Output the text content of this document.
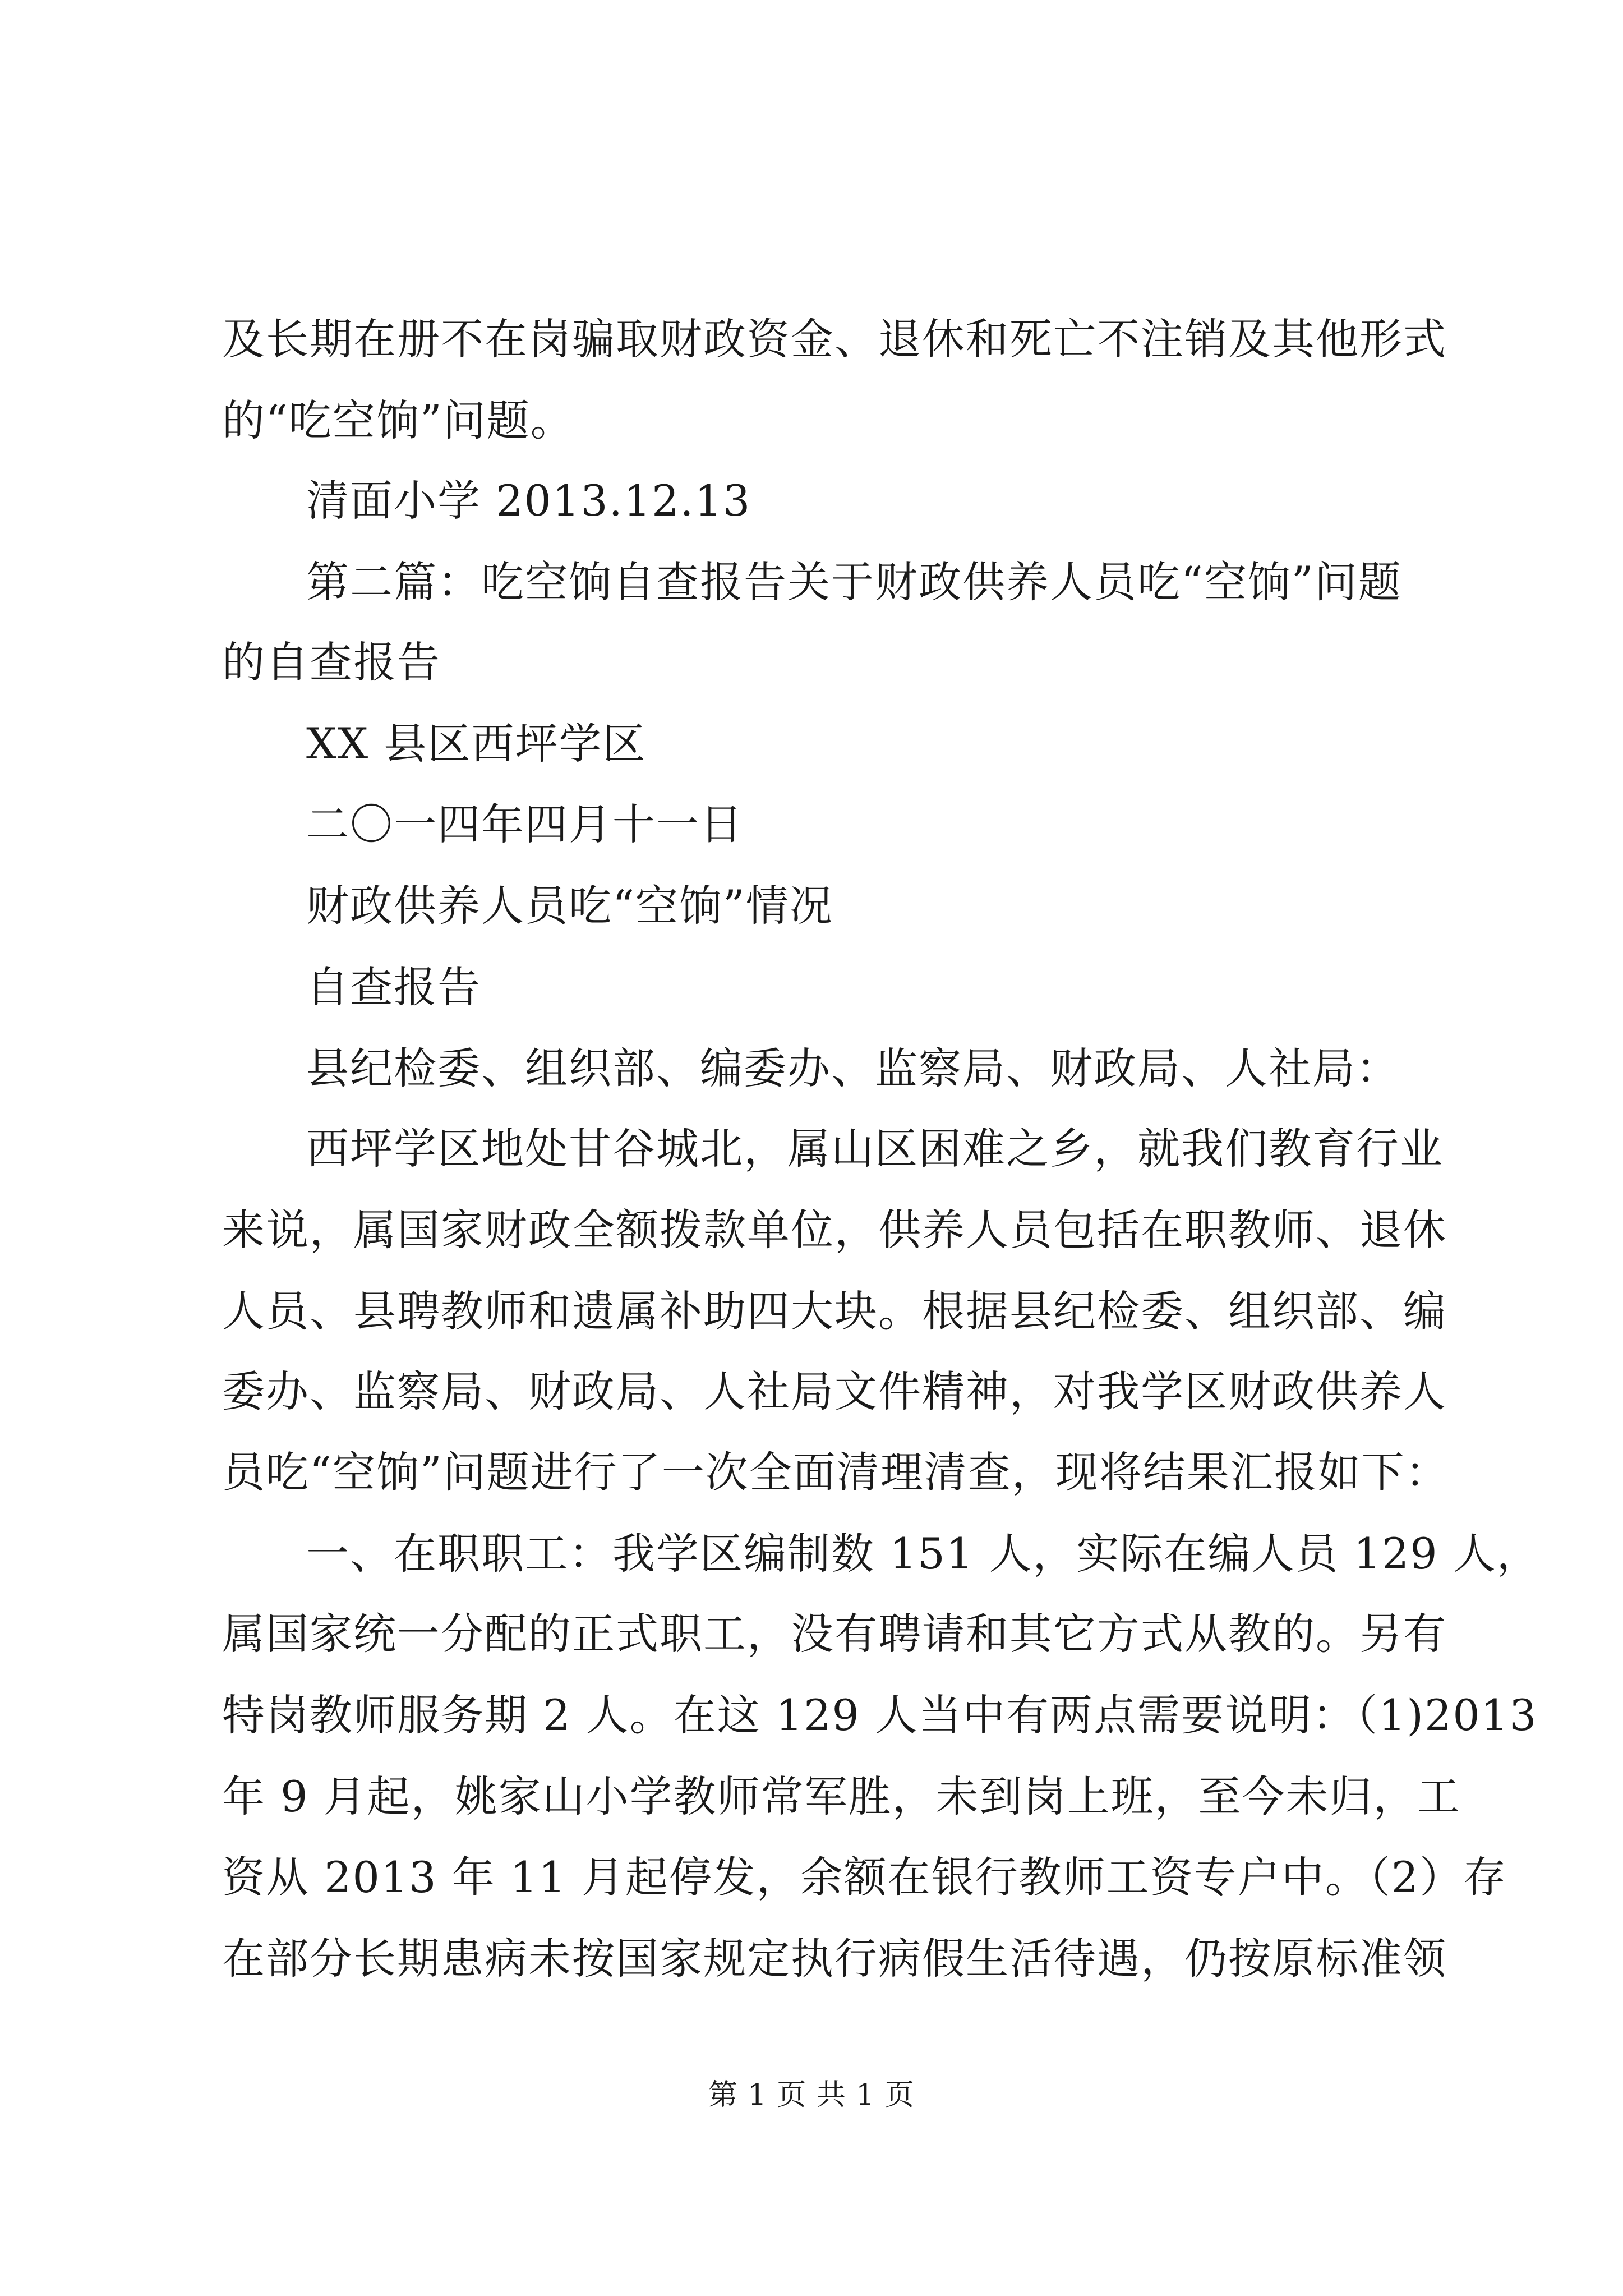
及长期在册不在岗骗取财政资金、退休和死亡不注销及其他形式
的“吃空饷”问题。
清面小学 2013.12.13
第二篇：吃空饷自查报告关于财政供养人员吃“空饷”问题
的自查报告
XX 县区西坪学区
二〇一四年四月十一日
财政供养人员吃“空饷”情况
自查报告
县纪检委、组织部、编委办、监察局、财政局、人社局：
西坪学区地处甘谷城北，属山区困难之乡，就我们教育行业
来说，属国家财政全额拨款单位，供养人员包括在职教师、退休
人员、县聘教师和遗属补助四大块。根据县纪检委、组织部、编
委办、监察局、财政局、人社局文件精神，对我学区财政供养人
员吃“空饷”问题进行了一次全面清理清查，现将结果汇报如下：
一、在职职工：我学区编制数 151 人，实际在编人员 129 人，
属国家统一分配的正式职工，没有聘请和其它方式从教的。另有
特岗教师服务期 2 人。在这 129 人当中有两点需要说明：（1)2013
年 9 月起，姚家山小学教师常军胜，未到岗上班，至今未归，工
资从 2013 年 11 月起停发，余额在银行教师工资专户中。（2）存
在部分长期患病未按国家规定执行病假生活待遇，仍按原标准领
第 1 页 共 1 页
